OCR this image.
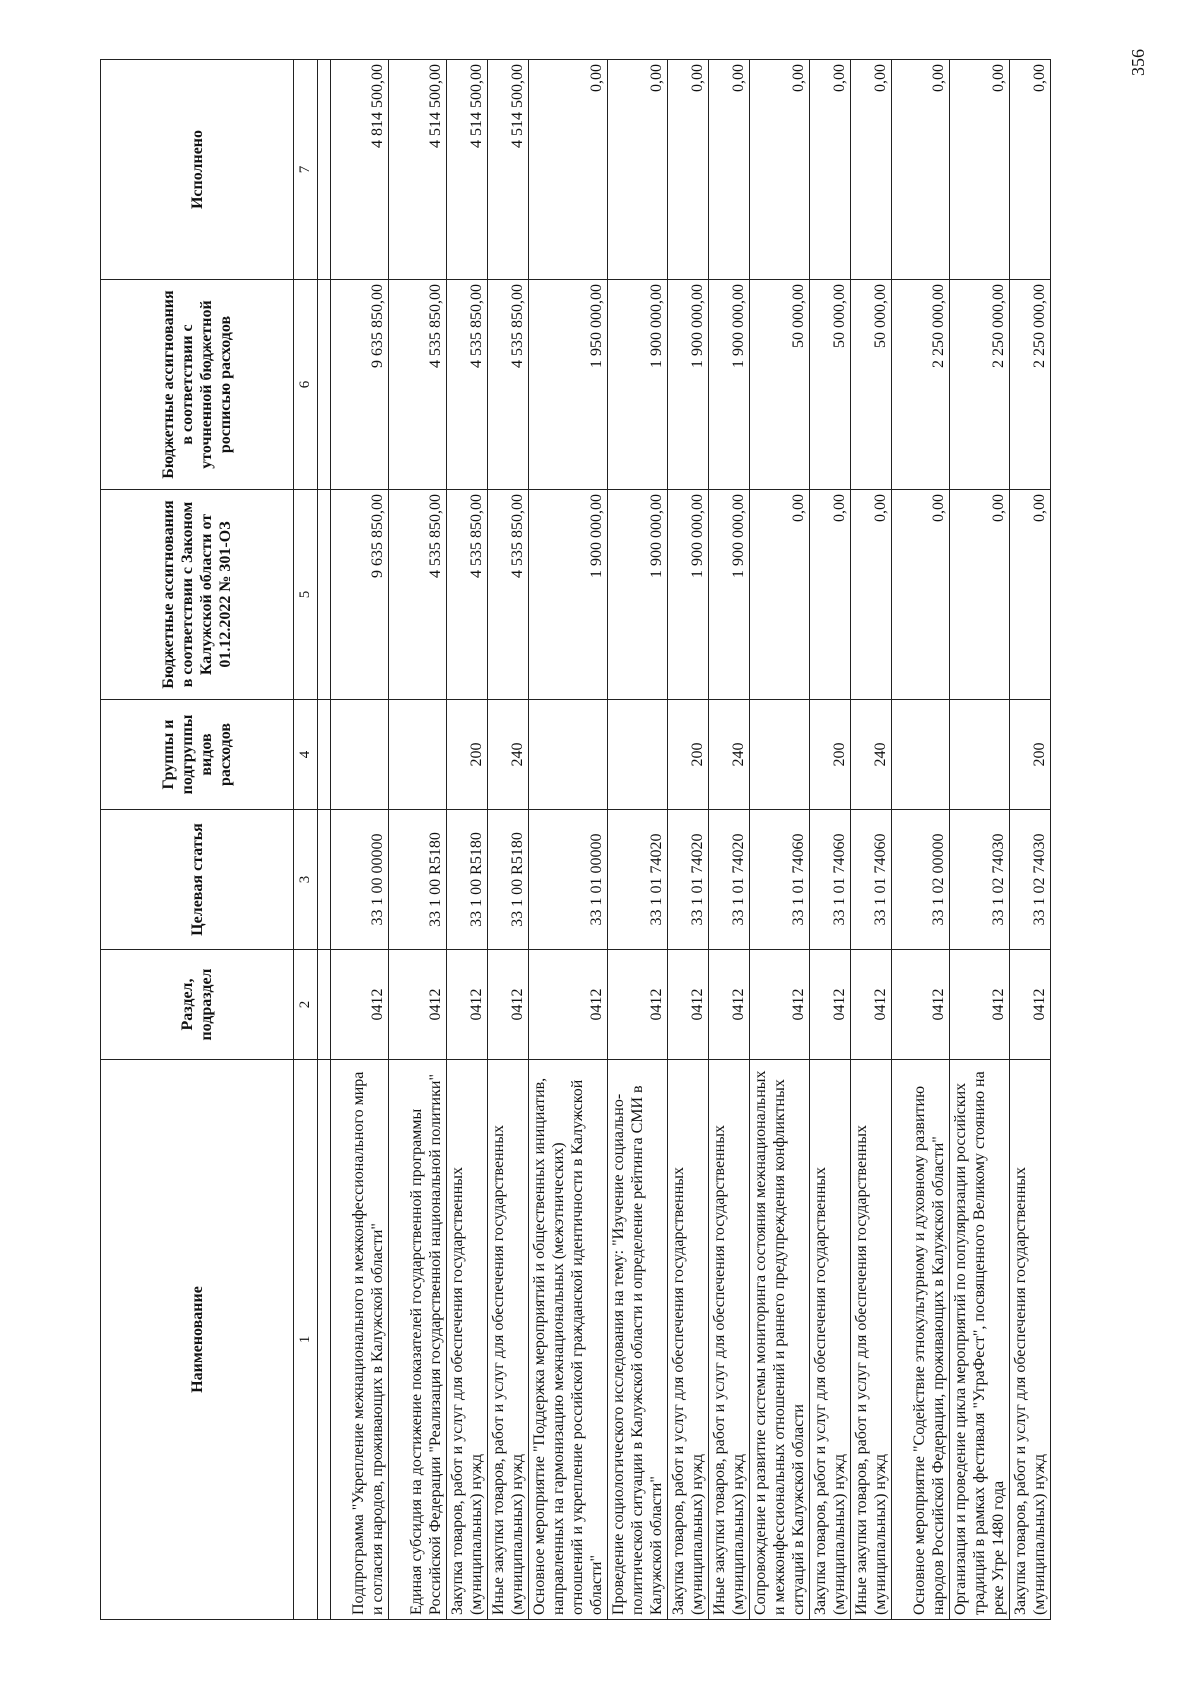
356
Наименование	Раздел, подраздел	Целевая статья	Группы и подгруппы видов расходов	Бюджетные ассигнования в соответствии с Законом Калужской области от 01.12.2022 № 301-ОЗ	Бюджетные ассигнования в соответствии с уточненной бюджетной росписью расходов	Исполнено
1	2	3	4	5	6	7

Подпрограмма "Укрепление межнационального и межконфессионального мира и согласия народов, проживающих в Калужской области"	0412	33 1 00 00000		9 635 850,00	9 635 850,00	4 814 500,00
Единая субсидия на достижение показателей государственной программы Российской Федерации "Реализация государственной национальной политики"	0412	33 1 00 R5180		4 535 850,00	4 535 850,00	4 514 500,00
Закупка товаров, работ и услуг для обеспечения государственных (муниципальных) нужд	0412	33 1 00 R5180	200	4 535 850,00	4 535 850,00	4 514 500,00
Иные закупки товаров, работ и услуг для обеспечения государственных (муниципальных) нужд	0412	33 1 00 R5180	240	4 535 850,00	4 535 850,00	4 514 500,00
Основное мероприятие "Поддержка мероприятий и общественных инициатив, направленных на гармонизацию межнациональных (межэтнических) отношений и укрепление российской гражданской идентичности в Калужской области"	0412	33 1 01 00000		1 900 000,00	1 950 000,00	0,00
Проведение социологического исследования на тему: "Изучение социально-политической ситуации в Калужской области и определение рейтинга СМИ в Калужской области"	0412	33 1 01 74020		1 900 000,00	1 900 000,00	0,00
Закупка товаров, работ и услуг для обеспечения государственных (муниципальных) нужд	0412	33 1 01 74020	200	1 900 000,00	1 900 000,00	0,00
Иные закупки товаров, работ и услуг для обеспечения государственных (муниципальных) нужд	0412	33 1 01 74020	240	1 900 000,00	1 900 000,00	0,00
Сопровождение и развитие системы мониторинга состояния межнациональных и межконфессиональных отношений и раннего предупреждения конфликтных ситуаций в Калужской области	0412	33 1 01 74060		0,00	50 000,00	0,00
Закупка товаров, работ и услуг для обеспечения государственных (муниципальных) нужд	0412	33 1 01 74060	200	0,00	50 000,00	0,00
Иные закупки товаров, работ и услуг для обеспечения государственных (муниципальных) нужд	0412	33 1 01 74060	240	0,00	50 000,00	0,00
Основное мероприятие "Содействие этнокультурному и духовному развитию народов Российской Федерации, проживающих в Калужской области"	0412	33 1 02 00000		0,00	2 250 000,00	0,00
Организация и проведение цикла мероприятий по популяризации российских традиций в рамках фестиваля "УграФест", посвященного Великому стоянию на реке Угре 1480 года	0412	33 1 02 74030		0,00	2 250 000,00	0,00
Закупка товаров, работ и услуг для обеспечения государственных (муниципальных) нужд	0412	33 1 02 74030	200	0,00	2 250 000,00	0,00
